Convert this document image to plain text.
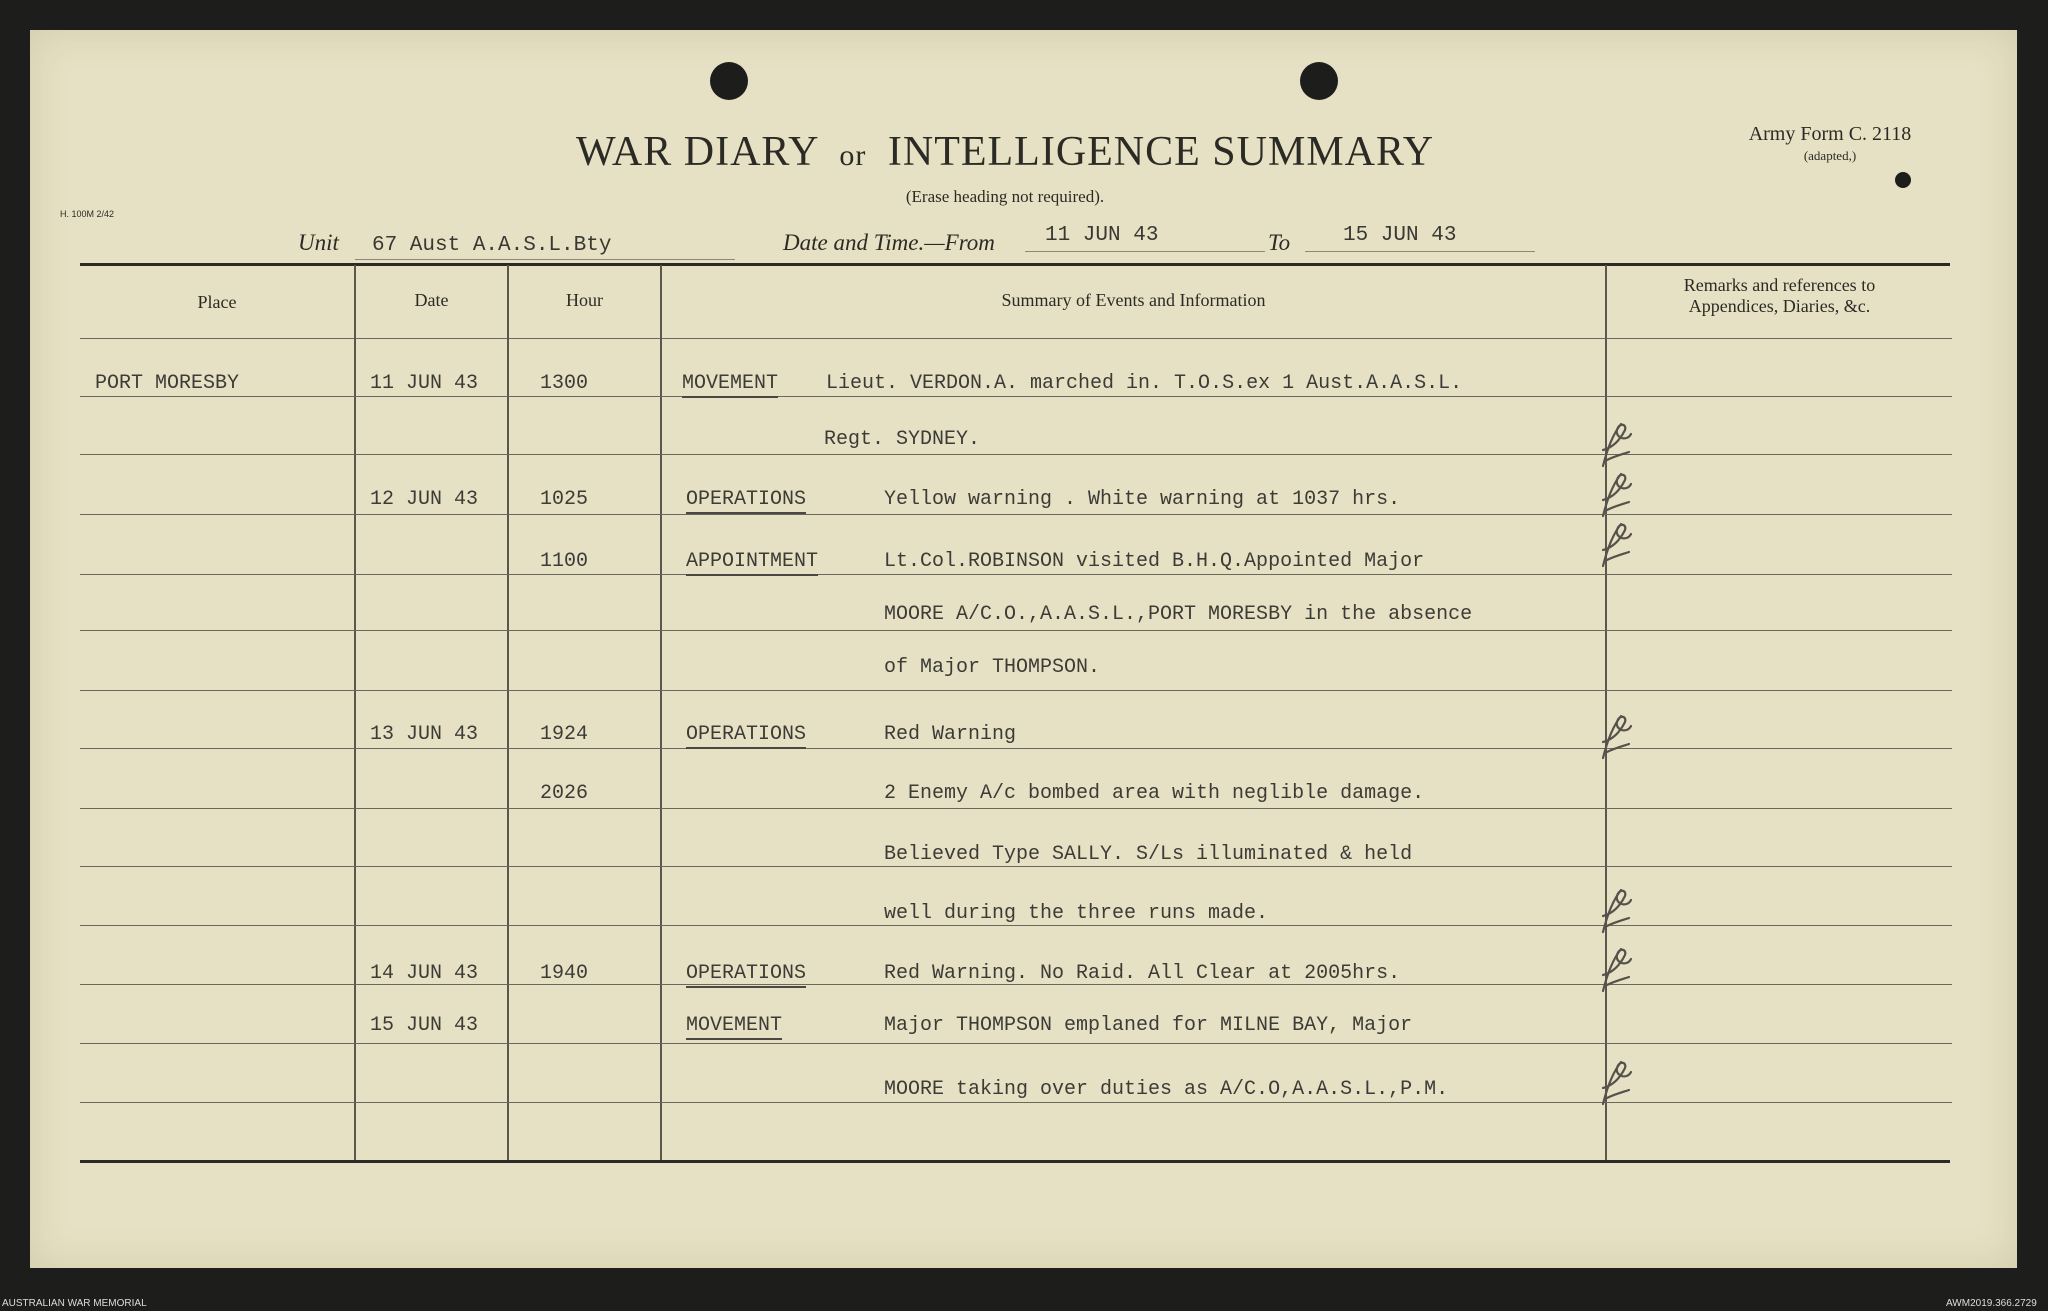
WAR DIARY or INTELLIGENCE SUMMARY
(Erase heading not required).
Army Form C. 2118
(adapted,)
H. 100M 2/42
Unit 67 Aust A.A.S.L.Bty	Date and Time.—From 11 JUN 43	To	15 JUN 43
Place	Date	Hour	Summary of Events and Information
Remarks and references to
Appendices, Diaries, &c.
PORT MORESBY	11 JUN 43	1300	MOVEMENT Lieut. VERDON.A. marched in. T.O.S.ex 1 Aust.A.A.S.L.
Regt. SYDNEY.
12 JUN 43	1025	OPERATIONS	Yellow warning . White warning at 1037 hrs.
1100	APPOINTMENT	Lt.Col.ROBINSON visited B.H.Q.Appointed Major
MOORE A/C.O.,A.A.S.L.,PORT MORESBY in the absence
of Major THOMPSON.
13 JUN 43	1924	OPERATIONS	Red Warning
2026	2 Enemy A/c bombed area with neglible damage.
Believed Type SALLY. S/Ls illuminated & held
well during the three runs made.
14 JUN 43	1940	OPERATIONS	Red Warning. No Raid. All Clear at 2005hrs.
15 JUN 43	MOVEMENT	Major THOMPSON emplaned for MILNE BAY, Major
MOORE taking over duties as A/C.O,A.A.S.L.,P.M.
AUSTRALIAN WAR MEMORIAL	AWM2019.366.2729
